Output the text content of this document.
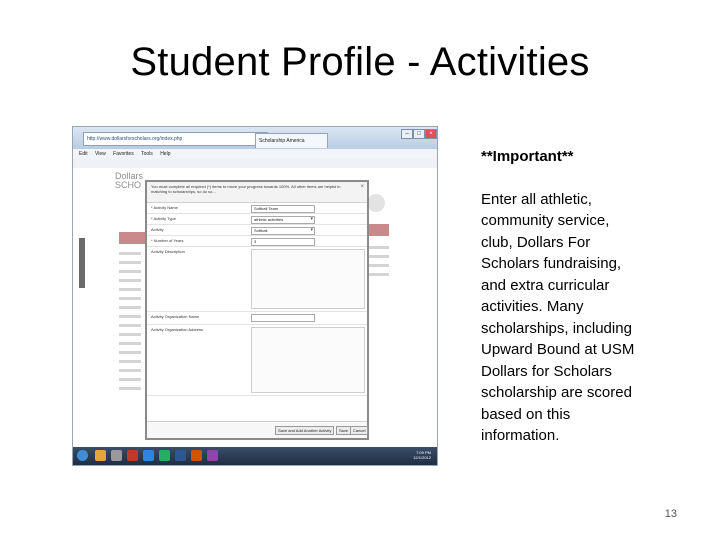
Student Profile - Activities
http://www.dollarsforscholars.org/index.php	Scholarship America
–	□	×
Edit View Favorites Tools Help
Dollars
SCHO	You must complete all required (*) items to move your progress towards 100%. All other items are helpful in matching to scholarships, so do so...
×
* Activity Name	Softball Team
* Activity Type	athletic activities ▾
Activity	Softball ▾
* Number of Years	3
Activity Description
Activity Organization Name
Activity Organization Address
Save and Add Another Activity	Save	Cancel
7:09 PM
12/1/2012

**Important**

Enter all athletic,

community service,

club, Dollars For

Scholars fundraising,

and extra curricular

activities. Many

scholarships, including

Upward Bound at USM

Dollars for Scholars

scholarship are scored

based on this

information.

13
